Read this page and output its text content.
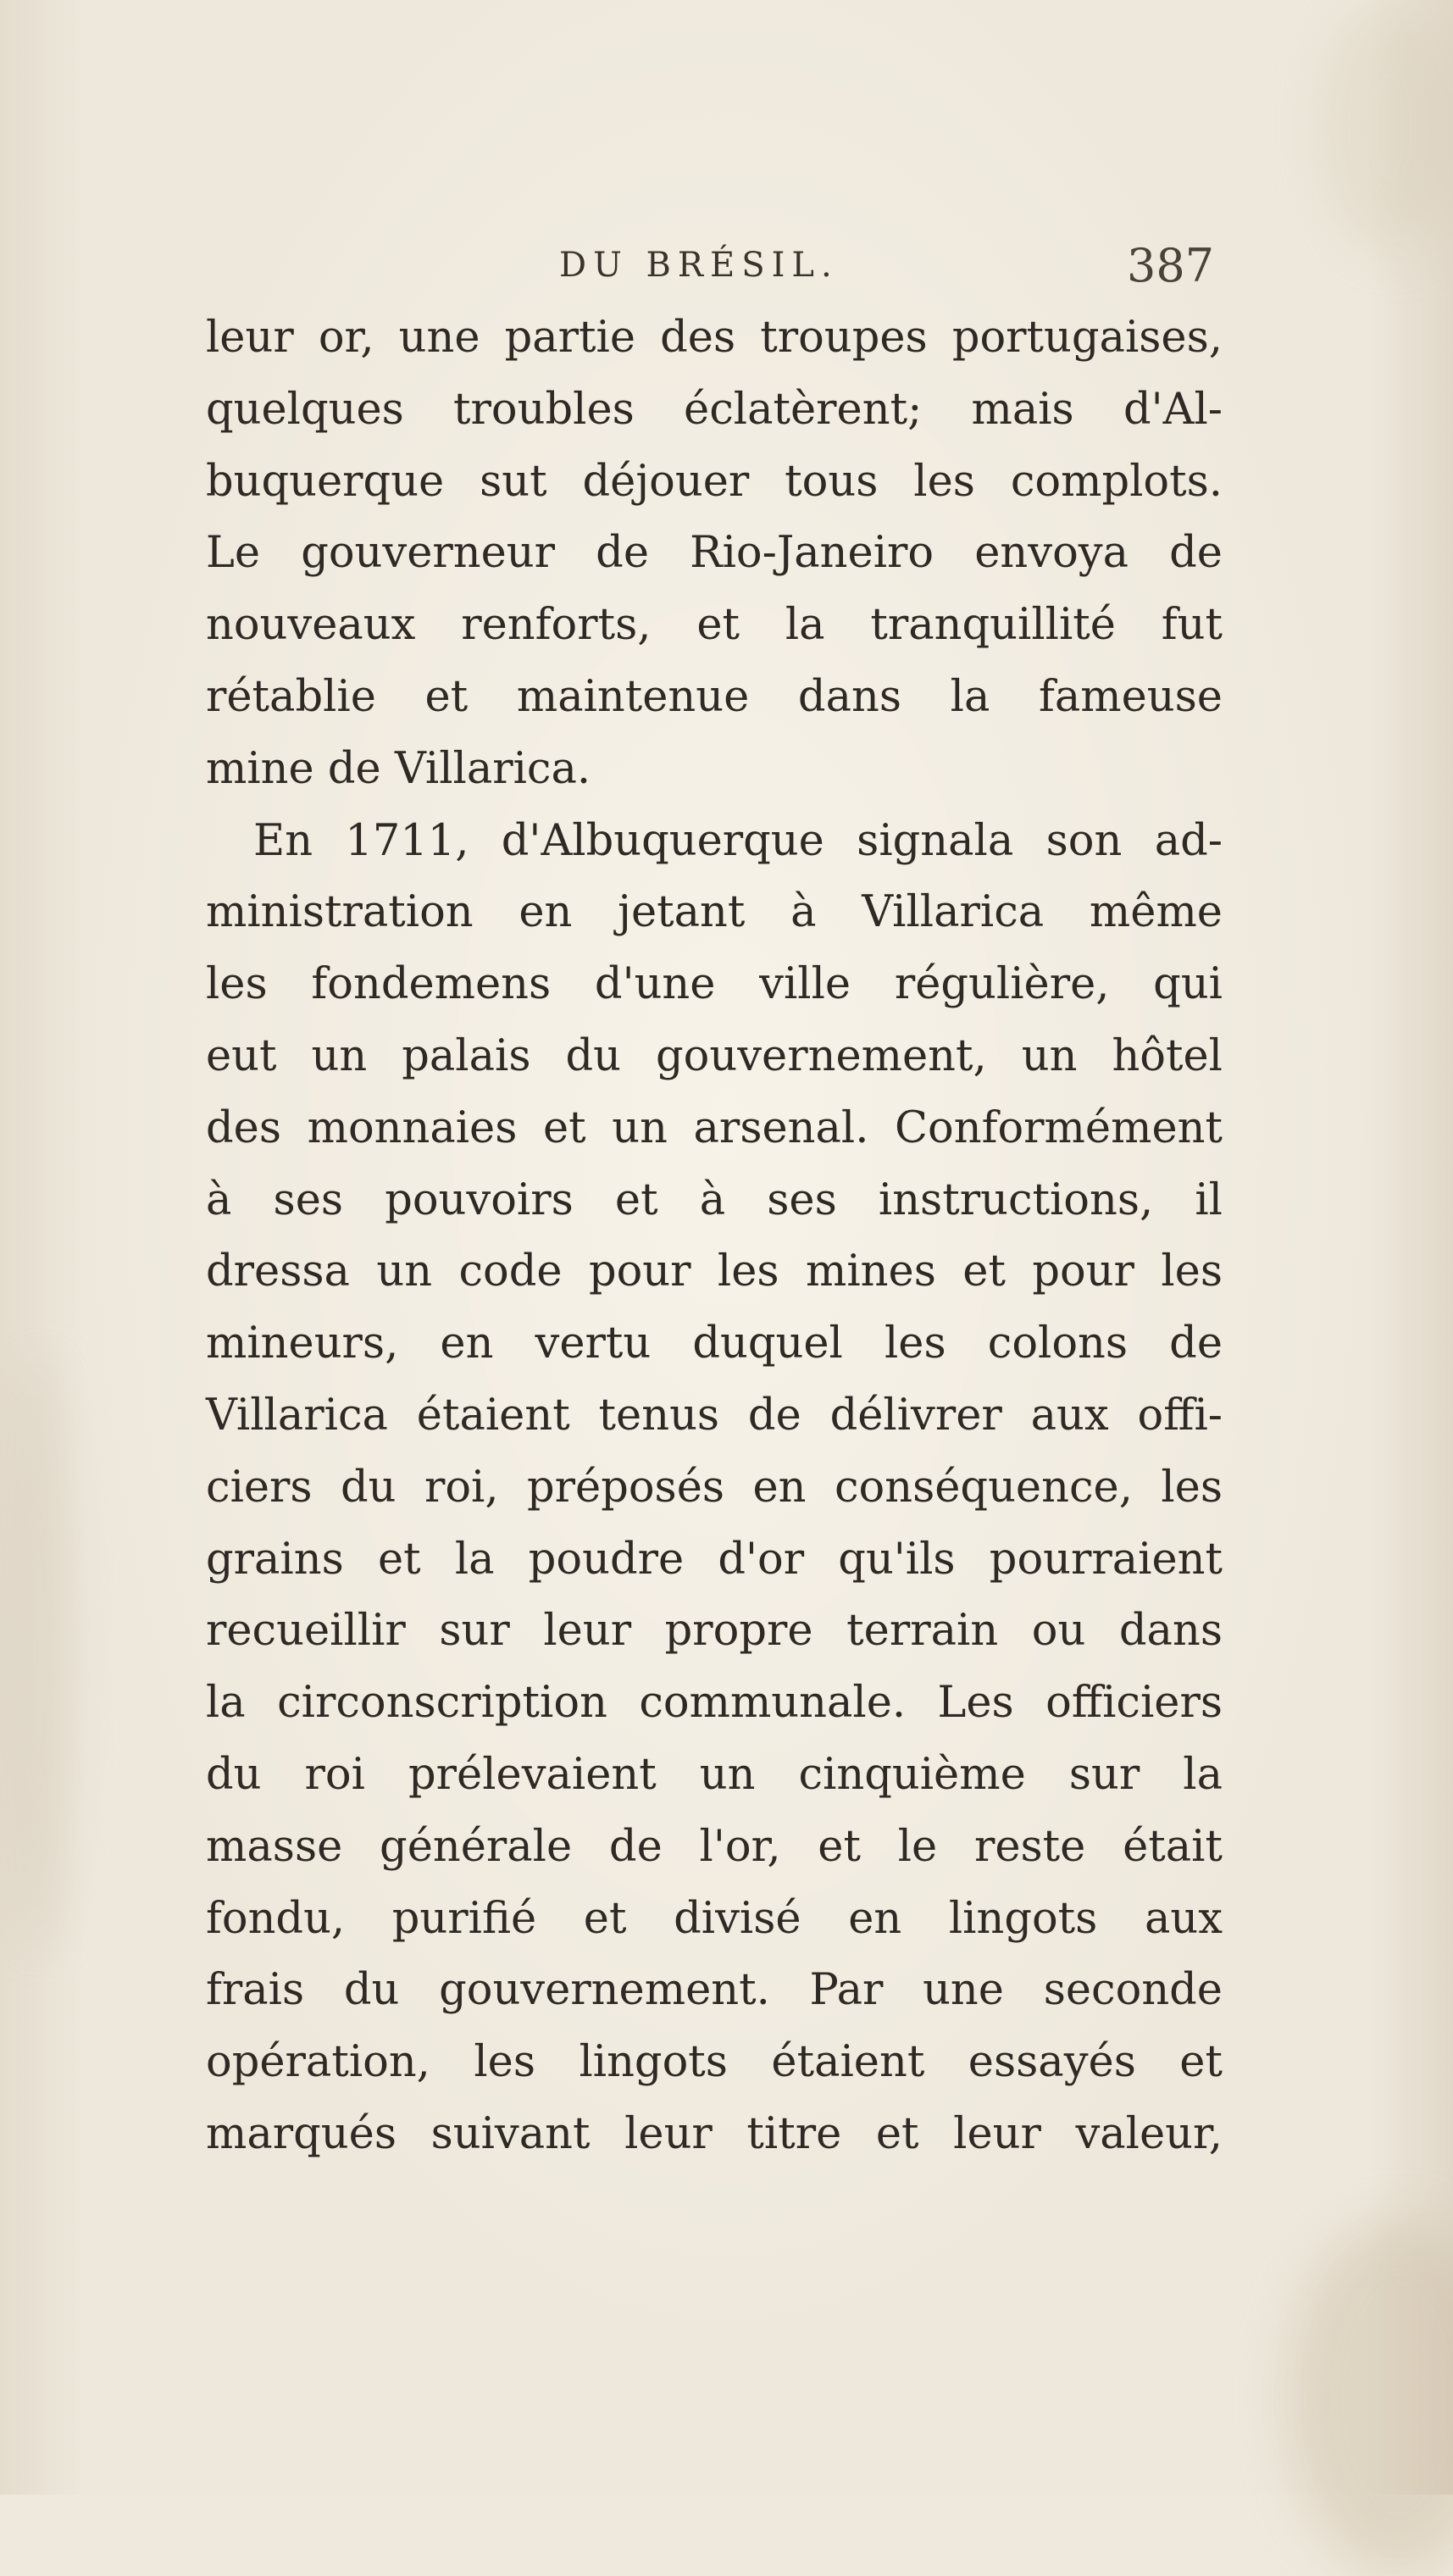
DU BRÉSIL.	387
leur or, une partie des troupes portugaises,
quelques troubles éclatèrent; mais d'Al-
buquerque sut déjouer tous les complots.
Le gouverneur de Rio-Janeiro envoya de
nouveaux renforts, et la tranquillité fut
rétablie et maintenue dans la fameuse
mine de Villarica.
En 1711, d'Albuquerque signala son ad-
ministration en jetant à Villarica même
les fondemens d'une ville régulière, qui
eut un palais du gouvernement, un hôtel
des monnaies et un arsenal. Conformément
à ses pouvoirs et à ses instructions, il
dressa un code pour les mines et pour les
mineurs, en vertu duquel les colons de
Villarica étaient tenus de délivrer aux offi-
ciers du roi, préposés en conséquence, les
grains et la poudre d'or qu'ils pourraient
recueillir sur leur propre terrain ou dans
la circonscription communale. Les officiers
du roi prélevaient un cinquième sur la
masse générale de l'or, et le reste était
fondu, purifié et divisé en lingots aux
frais du gouvernement. Par une seconde
opération, les lingots étaient essayés et
marqués suivant leur titre et leur valeur,
